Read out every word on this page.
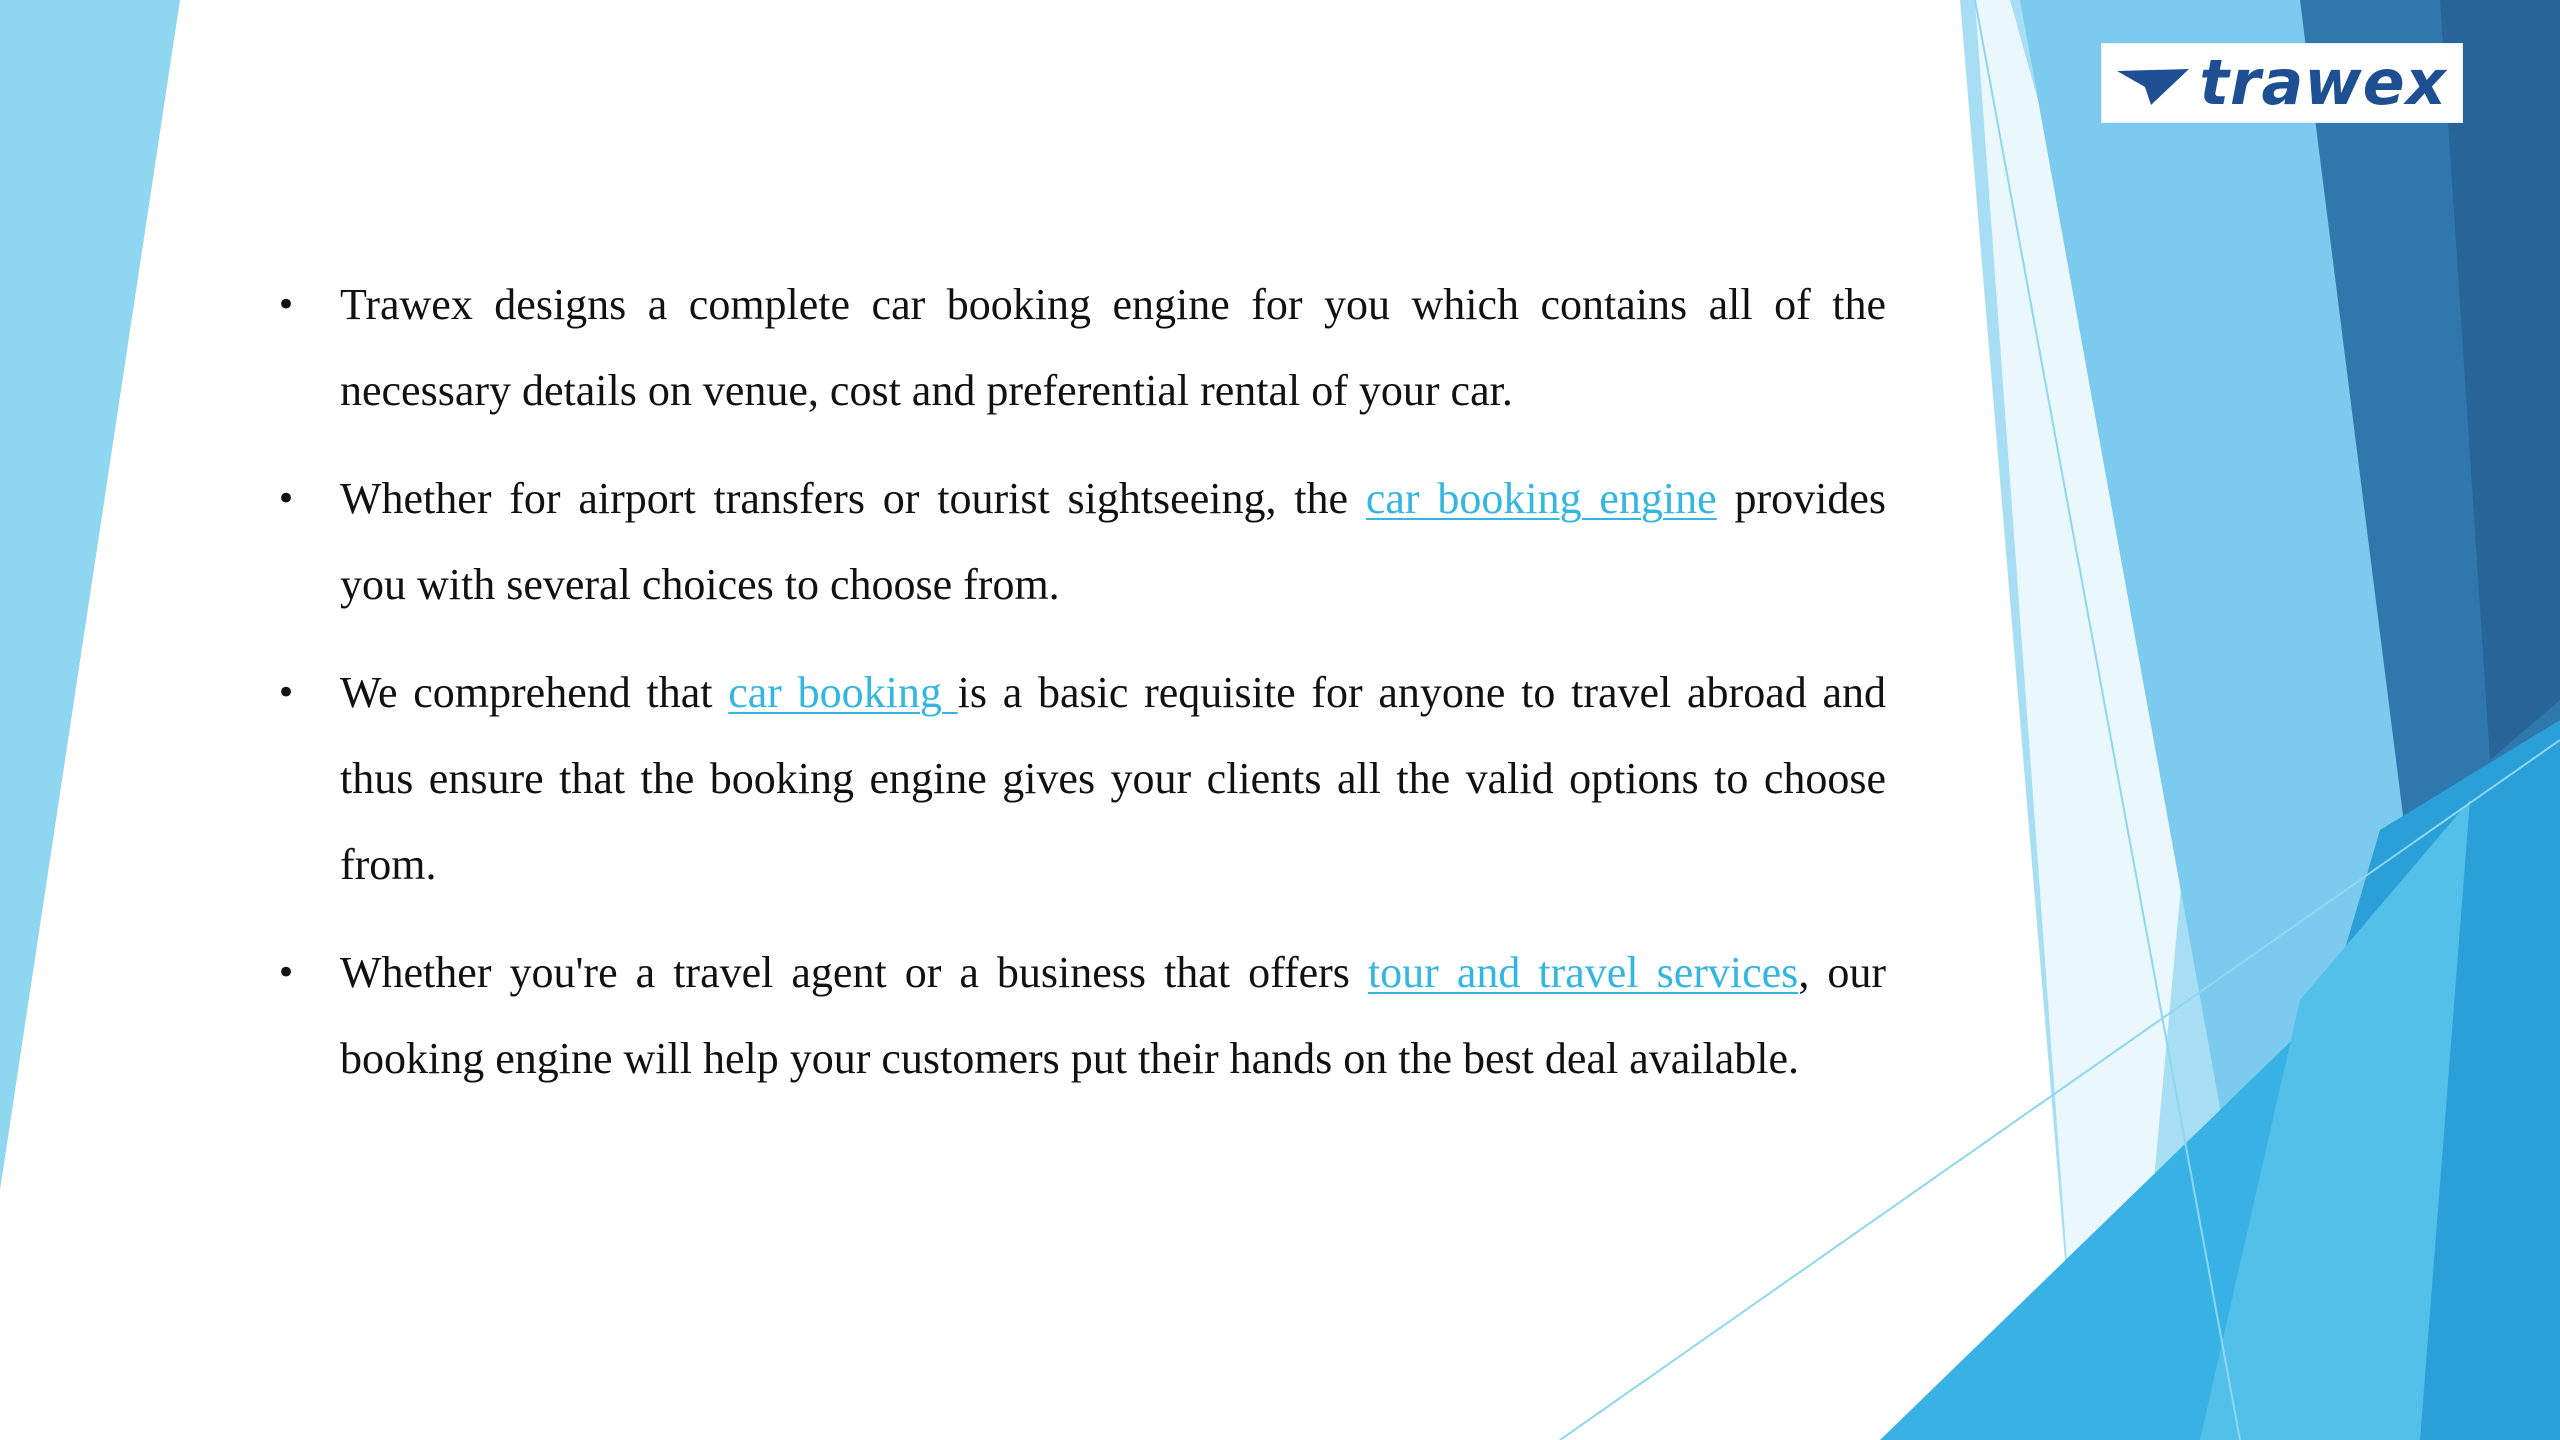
trawex
• Trawex designs a complete car booking engine for you which contains all of the necessary details on venue, cost and preferential rental of your car.
• Whether for airport transfers or tourist sightseeing, the car booking engine provides you with several choices to choose from.
• We comprehend that car booking is a basic requisite for anyone to travel abroad and thus ensure that the booking engine gives your clients all the valid options to choose from.
• Whether you're a travel agent or a business that offers tour and travel services, our booking engine will help your customers put their hands on the best deal available.
